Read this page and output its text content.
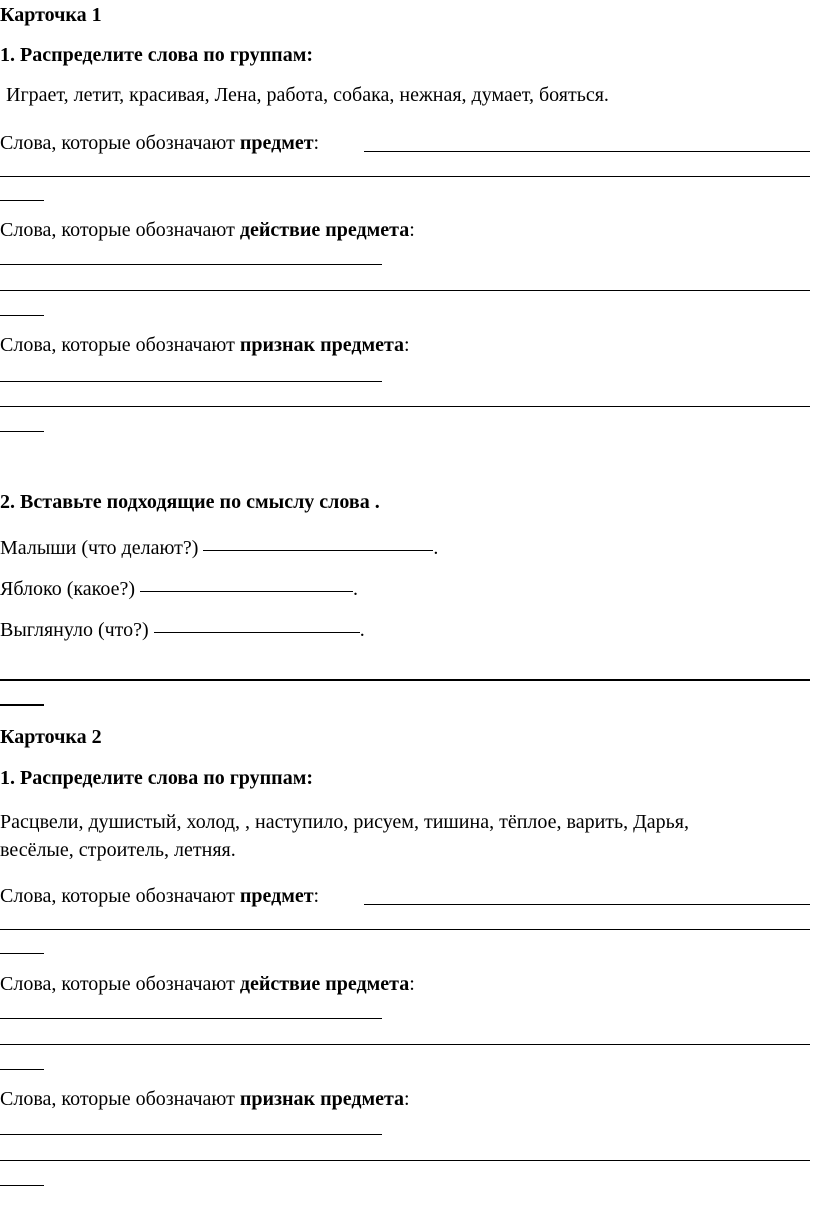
Карточка 1
1. Распределите слова по группам:
Играет, летит, красивая, Лена, работа, собака, нежная, думает, бояться.
Слова, которые обозначают предмет:
Слова, которые обозначают действие предмета:
Слова, которые обозначают признак предмета:
2. Вставьте подходящие по смыслу слова .
Малыши (что делают?)	.
Яблоко (какое?)	.
Выглянуло (что?)	.
Карточка 2
1. Распределите слова по группам:
Расцвели, душистый, холод, , наступило, рисуем, тишина, тёплое, варить, Дарья,
весёлые, строитель, летняя.
Слова, которые обозначают предмет:
Слова, которые обозначают действие предмета:
Слова, которые обозначают признак предмета:
